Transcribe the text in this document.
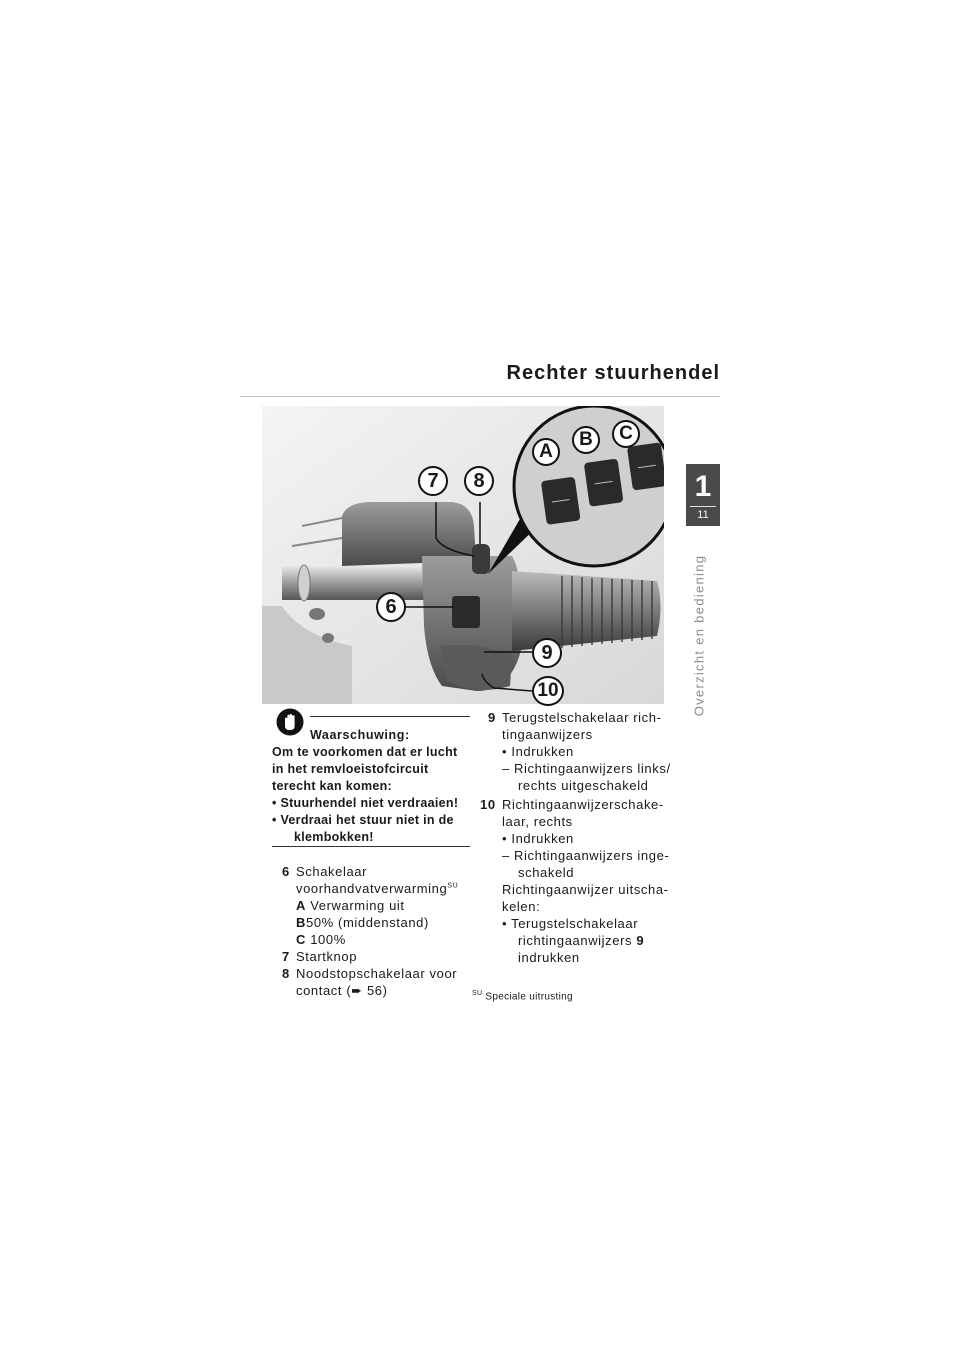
Rechter stuurhendel
7	8
6
9
10
A
B	C
1
11
Overzicht en bediening
Waarschuwing:
Om te voorkomen dat er lucht
in het remvloeistofcircuit
terecht kan komen:
• Stuurhendel niet verdraaien!
• Verdraai het stuur niet in de
klembokken!
6 Schakelaar
voorhandvatverwarming$^{SU}$
A Verwarming uit
B50% (middenstand)
C 100%
7 Startknop
8 Noodstopschakelaar voor
contact (➨ 56)
9 Terugstelschakelaar rich-
tingaanwijzers
• Indrukken
– Richtingaanwijzers links/
rechts uitgeschakeld
10 Richtingaanwijzerschake-
laar, rechts
• Indrukken
– Richtingaanwijzers inge-
schakeld
Richtingaanwijzer uitscha-
kelen:
• Terugstelschakelaar
richtingaanwijzers 9
indrukken
$^{SU}$ Speciale uitrusting
